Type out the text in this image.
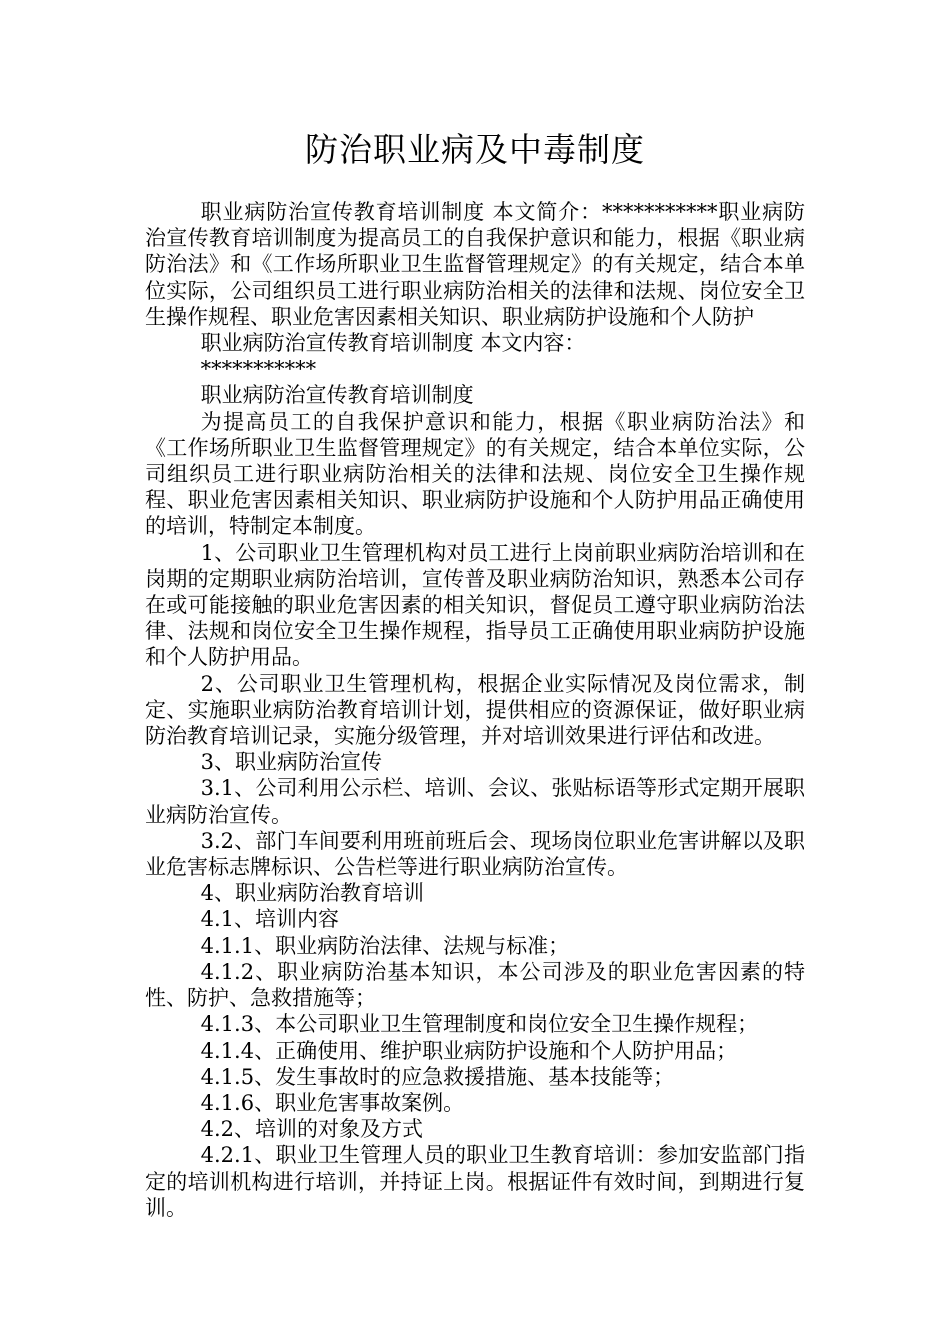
防治职业病及中毒制度

职业病防治宣传教育培训制度 本文简介：***********职业病防治宣传教育培训制度为提高员工的自我保护意识和能力，根据《职业病防治法》和《工作场所职业卫生监督管理规定》的有关规定，结合本单位实际，公司组织员工进行职业病防治相关的法律和法规、岗位安全卫生操作规程、职业危害因素相关知识、职业病防护设施和个人防护

职业病防治宣传教育培训制度 本文内容：

***********

职业病防治宣传教育培训制度

为提高员工的自我保护意识和能力，根据《职业病防治法》和《工作场所职业卫生监督管理规定》的有关规定，结合本单位实际，公司组织员工进行职业病防治相关的法律和法规、岗位安全卫生操作规程、职业危害因素相关知识、职业病防护设施和个人防护用品正确使用的培训，特制定本制度。

1、公司职业卫生管理机构对员工进行上岗前职业病防治培训和在岗期的定期职业病防治培训，宣传普及职业病防治知识，熟悉本公司存在或可能接触的职业危害因素的相关知识，督促员工遵守职业病防治法律、法规和岗位安全卫生操作规程，指导员工正确使用职业病防护设施和个人防护用品。

2、公司职业卫生管理机构，根据企业实际情况及岗位需求，制定、实施职业病防治教育培训计划，提供相应的资源保证，做好职业病防治教育培训记录，实施分级管理，并对培训效果进行评估和改进。

3、职业病防治宣传

3.1、公司利用公示栏、培训、会议、张贴标语等形式定期开展职业病防治宣传。

3.2、部门车间要利用班前班后会、现场岗位职业危害讲解以及职业危害标志牌标识、公告栏等进行职业病防治宣传。

4、职业病防治教育培训

4.1、培训内容

4.1.1、职业病防治法律、法规与标准；

4.1.2、职业病防治基本知识，本公司涉及的职业危害因素的特性、防护、急救措施等；

4.1.3、本公司职业卫生管理制度和岗位安全卫生操作规程；

4.1.4、正确使用、维护职业病防护设施和个人防护用品；

4.1.5、发生事故时的应急救援措施、基本技能等；

4.1.6、职业危害事故案例。

4.2、培训的对象及方式

4.2.1、职业卫生管理人员的职业卫生教育培训：参加安监部门指定的培训机构进行培训，并持证上岗。根据证件有效时间，到期进行复训。
